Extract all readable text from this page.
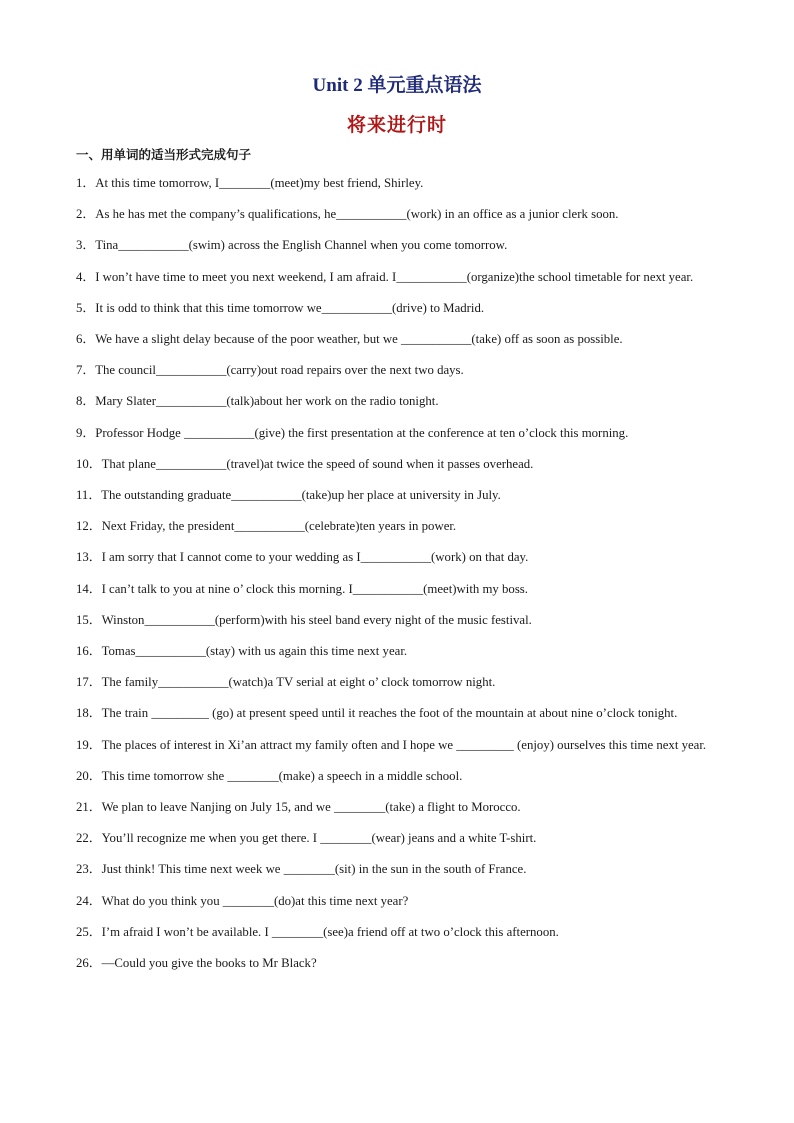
Unit 2 单元重点语法
将来进行时
一、用单词的适当形式完成句子
1．At this time tomorrow, I________(meet)my best friend, Shirley.
2．As he has met the company’s qualifications, he___________(work) in an office as a junior clerk soon.
3．Tina___________(swim) across the English Channel when you come tomorrow.
4．I won’t have time to meet you next weekend, I am afraid. I___________(organize)the school timetable for next year.
5．It is odd to think that this time tomorrow we___________(drive) to Madrid.
6．We have a slight delay because of the poor weather, but we ___________(take) off as soon as possible.
7．The council___________(carry)out road repairs over the next two days.
8．Mary Slater___________(talk)about her work on the radio tonight.
9．Professor Hodge ___________(give) the first presentation at the conference at ten o’clock this morning.
10．That plane___________(travel)at twice the speed of sound when it passes overhead.
11．The outstanding graduate___________(take)up her place at university in July.
12．Next Friday, the president___________(celebrate)ten years in power.
13．I am sorry that I cannot come to your wedding as I___________(work) on that day.
14．I can’t talk to you at nine o’ clock this morning. I___________(meet)with my boss.
15．Winston___________(perform)with his steel band every night of the music festival.
16．Tomas___________(stay) with us again this time next year.
17．The family___________(watch)a TV serial at eight o’ clock tomorrow night.
18．The train _________ (go) at present speed until it reaches the foot of the mountain at about nine o’clock tonight.
19．The places of interest in Xi’an attract my family often and I hope we _________ (enjoy) ourselves this time next year.
20．This time tomorrow she ________(make) a speech in a middle school.
21．We plan to leave Nanjing on July 15, and we ________(take) a flight to Morocco.
22．You’ll recognize me when you get there. I ________(wear) jeans and a white T-shirt.
23．Just think! This time next week we ________(sit) in the sun in the south of France.
24．What do you think you ________(do)at this time next year?
25．I’m afraid I won’t be available. I ________(see)a friend off at two o’clock this afternoon.
26．—Could you give the books to Mr Black?
